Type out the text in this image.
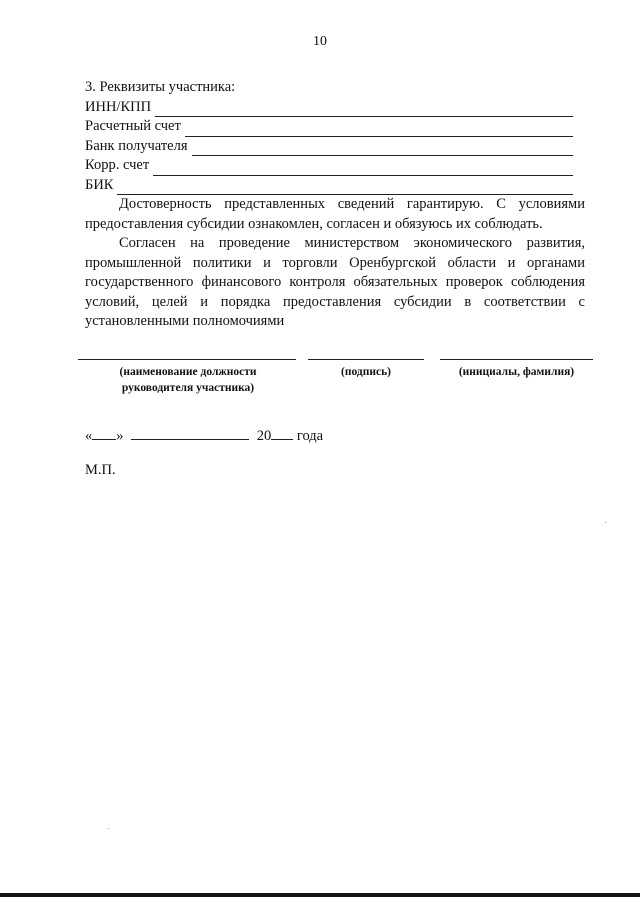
10
3. Реквизиты участника:
ИНН/КПП
Расчетный счет
Банк получателя
Корр. счет
БИК

Достоверность представленных сведений гарантирую. С условиями предоставления субсидии ознакомлен, согласен и обязуюсь их соблюдать.

Согласен на проведение министерством экономического развития, промышленной политики и торговли Оренбургской области и органами государственного финансового контроля обязательных проверок соблюдения условий, целей и порядка предоставления субсидии в соответствии с установленными полномочиями

(наименование должности руководителя участника)
(подпись)	(инициалы, фамилия)
« »	20 года
М.П.
